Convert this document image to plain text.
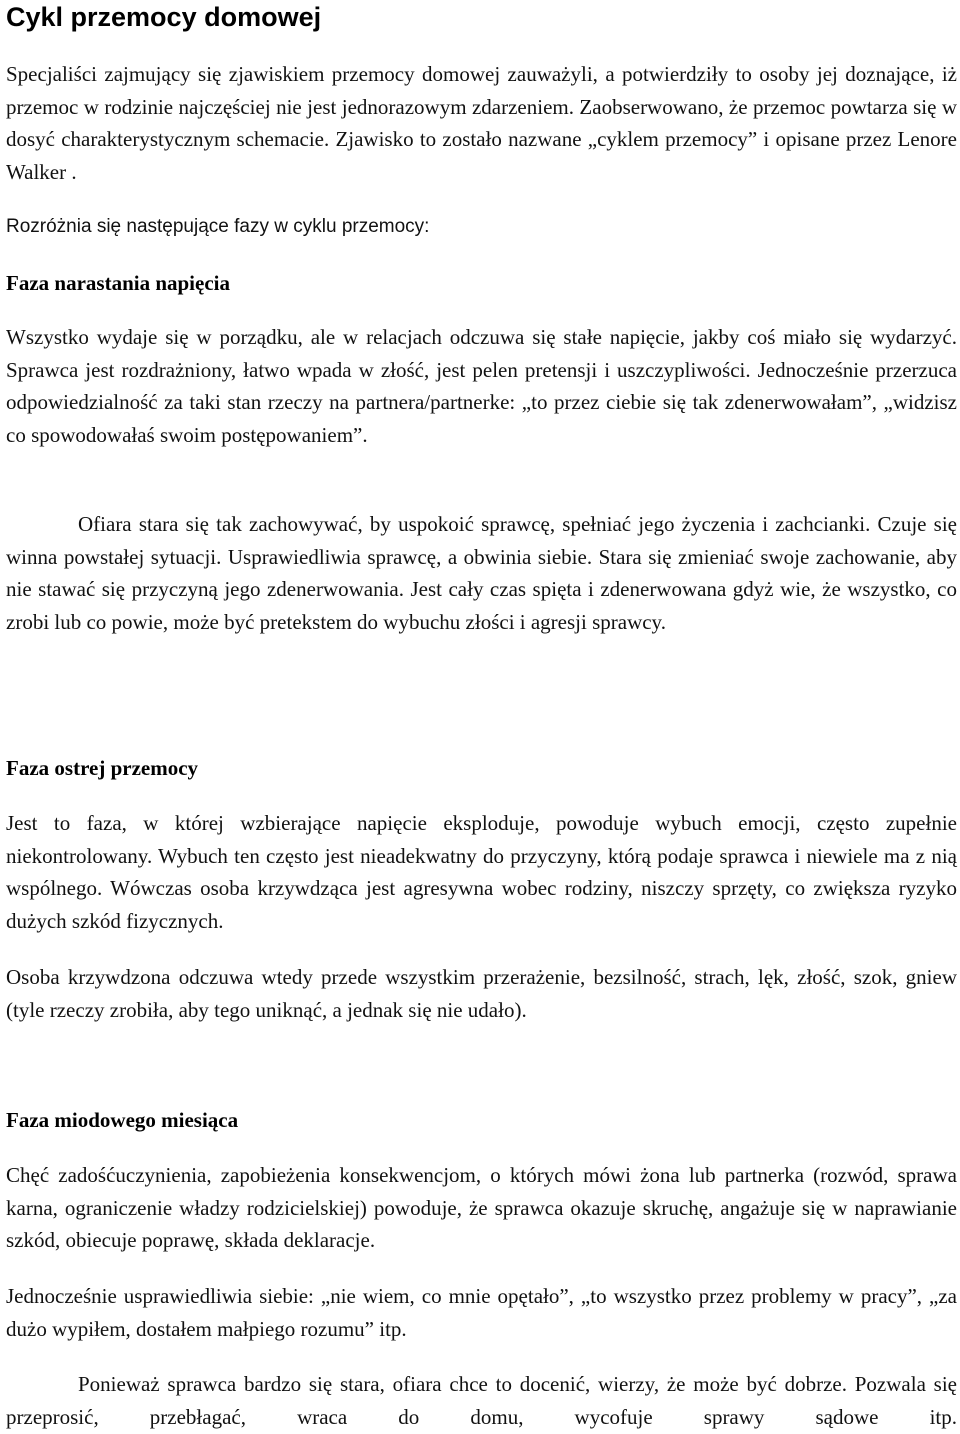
Cykl przemocy domowej

Specjaliści zajmujący się zjawiskiem przemocy domowej zauważyli, a potwierdziły to osoby jej doznające, iż przemoc w rodzinie najczęściej nie jest jednorazowym zdarzeniem. Zaobserwowano, że przemoc powtarza się w dosyć charakterystycznym schemacie. Zjawisko to zostało nazwane „cyklem przemocy” i opisane przez Lenore Walker .

Rozróżnia się następujące fazy w cyklu przemocy:

Faza narastania napięcia

Wszystko wydaje się w porządku, ale w relacjach odczuwa się stałe napięcie, jakby coś miało się wydarzyć. Sprawca jest rozdrażniony, łatwo wpada w złość, jest pelen pretensji i uszczypliwości. Jednocześnie przerzuca odpowiedzialność za taki stan rzeczy na partnera/partnerke: „to przez ciebie się tak zdenerwowałam”, „widzisz co spowodowałaś swoim postępowaniem”.

Ofiara stara się tak zachowywać, by uspokoić sprawcę, spełniać jego życzenia i zachcianki. Czuje się winna powstałej sytuacji. Usprawiedliwia sprawcę, a obwinia siebie. Stara się zmieniać swoje zachowanie, aby nie stawać się przyczyną jego zdenerwowania. Jest cały czas spięta i zdenerwowana gdyż wie, że wszystko, co zrobi lub co powie, może być pretekstem do wybuchu złości i agresji sprawcy.

Faza ostrej przemocy

Jest to faza, w której wzbierające napięcie eksploduje, powoduje wybuch emocji, często zupełnie niekontrolowany. Wybuch ten często jest nieadekwatny do przyczyny, którą podaje sprawca i niewiele ma z nią wspólnego. Wówczas osoba krzywdząca jest agresywna wobec rodziny, niszczy sprzęty, co zwiększa ryzyko dużych szkód fizycznych.

Osoba krzywdzona odczuwa wtedy przede wszystkim przerażenie, bezsilność, strach, lęk, złość, szok, gniew (tyle rzeczy zrobiła, aby tego uniknąć, a jednak się nie udało).

Faza miodowego miesiąca

Chęć zadośćuczynienia, zapobieżenia konsekwencjom, o których mówi żona lub partnerka (rozwód, sprawa karna, ograniczenie władzy rodzicielskiej) powoduje, że sprawca okazuje skruchę, angażuje się w naprawianie szkód, obiecuje poprawę, składa deklaracje.

Jednocześnie usprawiedliwia siebie: „nie wiem, co mnie opętało”, „to wszystko przez problemy w pracy”, „za dużo wypiłem, dostałem małpiego rozumu” itp.

Ponieważ sprawca bardzo się stara, ofiara chce to docenić, wierzy, że może być dobrze. Pozwala się przeprosić, przebłagać, wraca do domu, wycofuje sprawy sądowe itp.
